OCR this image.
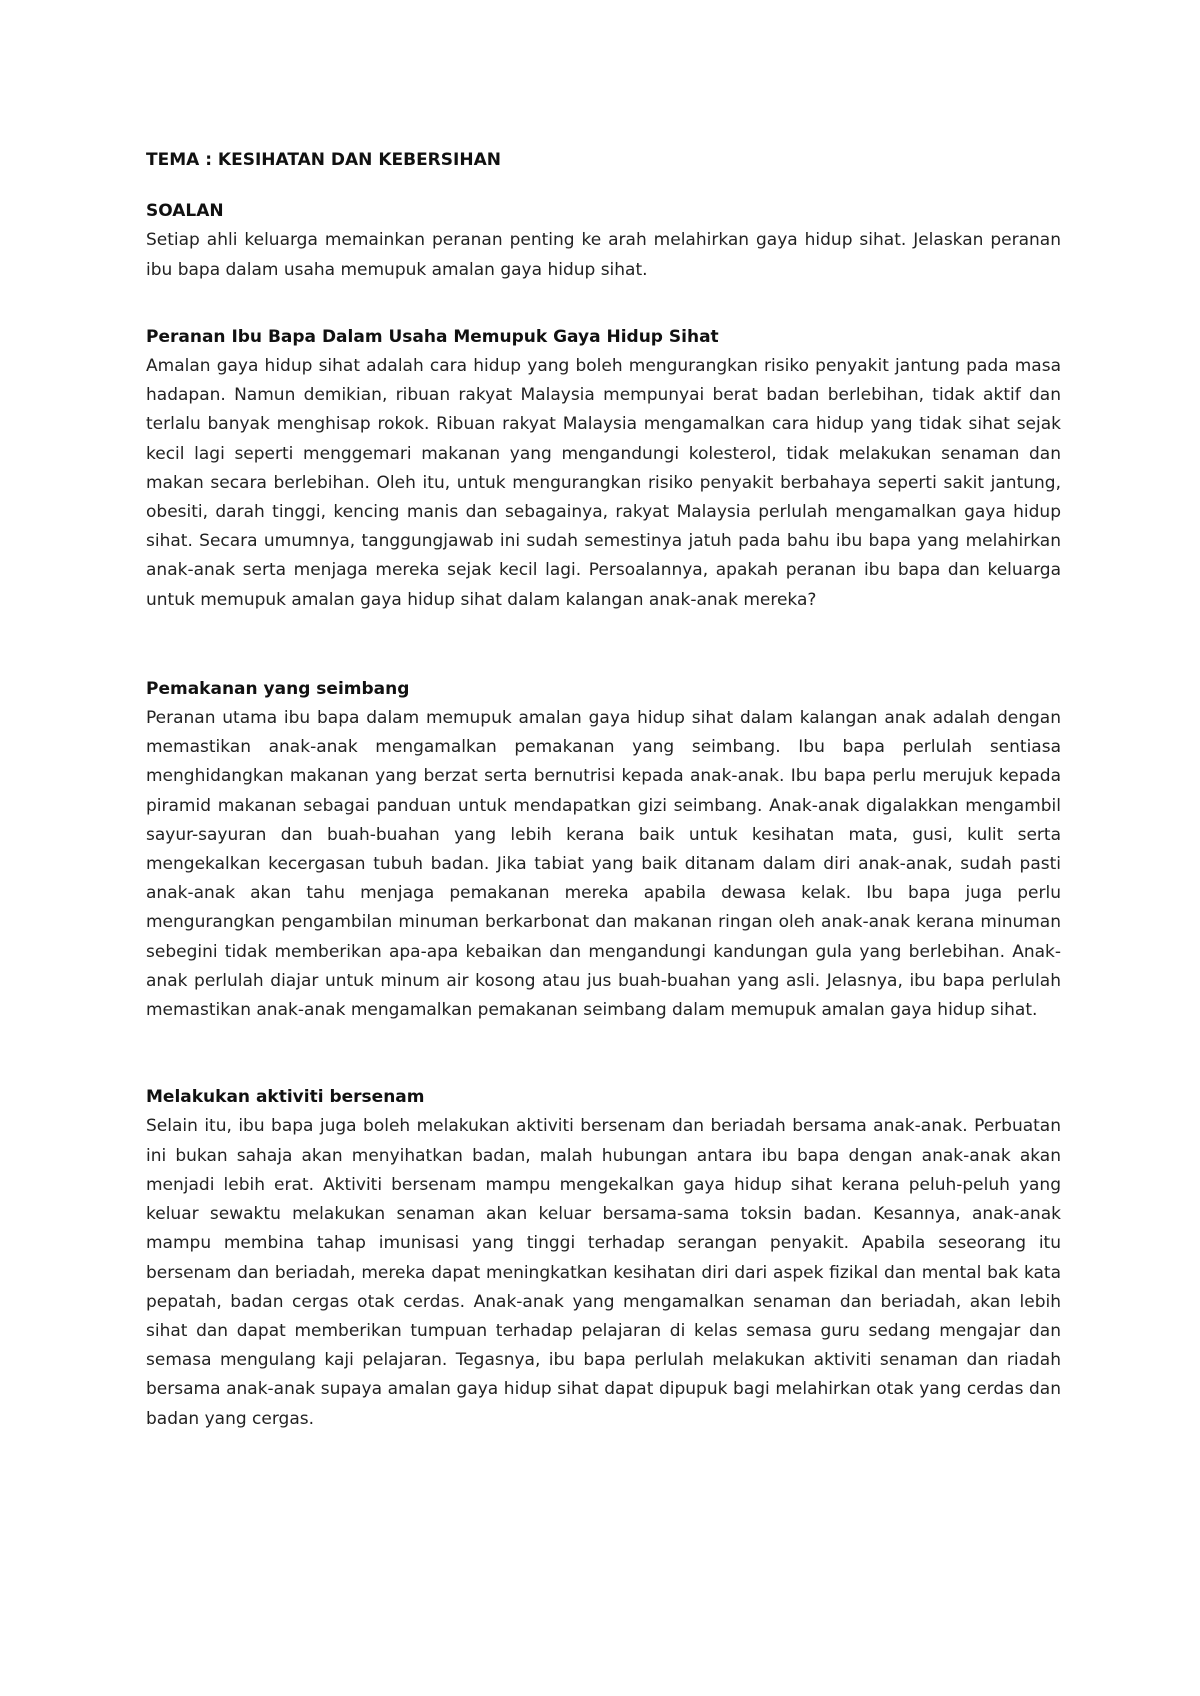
TEMA : KESIHATAN DAN KEBERSIHAN

SOALAN

Setiap ahli keluarga memainkan peranan penting ke arah melahirkan gaya hidup sihat. Jelaskan peranan ibu bapa dalam usaha memupuk amalan gaya hidup sihat.

Peranan Ibu Bapa Dalam Usaha Memupuk Gaya Hidup Sihat

Amalan gaya hidup sihat adalah cara hidup yang boleh mengurangkan risiko penyakit jantung pada masa hadapan. Namun demikian, ribuan rakyat Malaysia mempunyai berat badan berlebihan, tidak aktif dan terlalu banyak menghisap rokok. Ribuan rakyat Malaysia mengamalkan cara hidup yang tidak sihat sejak kecil lagi seperti menggemari makanan yang mengandungi kolesterol, tidak melakukan senaman dan makan secara berlebihan. Oleh itu, untuk mengurangkan risiko penyakit berbahaya seperti sakit jantung, obesiti, darah tinggi, kencing manis dan sebagainya, rakyat Malaysia perlulah mengamalkan gaya hidup sihat. Secara umumnya, tanggungjawab ini sudah semestinya jatuh pada bahu ibu bapa yang melahirkan anak-anak serta menjaga mereka sejak kecil lagi. Persoalannya, apakah peranan ibu bapa dan keluarga untuk memupuk amalan gaya hidup sihat dalam kalangan anak-anak mereka?

Pemakanan yang seimbang

Peranan utama ibu bapa dalam memupuk amalan gaya hidup sihat dalam kalangan anak adalah dengan memastikan anak-anak mengamalkan pemakanan yang seimbang. Ibu bapa perlulah sentiasa menghidangkan makanan yang berzat serta bernutrisi kepada anak-anak. Ibu bapa perlu merujuk kepada piramid makanan sebagai panduan untuk mendapatkan gizi seimbang. Anak-anak digalakkan mengambil sayur-sayuran dan buah-buahan yang lebih kerana baik untuk kesihatan mata, gusi, kulit serta mengekalkan kecergasan tubuh badan. Jika tabiat yang baik ditanam dalam diri anak-anak, sudah pasti anak-anak akan tahu menjaga pemakanan mereka apabila dewasa kelak. Ibu bapa juga perlu mengurangkan pengambilan minuman berkarbonat dan makanan ringan oleh anak-anak kerana minuman sebegini tidak memberikan apa-apa kebaikan dan mengandungi kandungan gula yang berlebihan. Anak-anak perlulah diajar untuk minum air kosong atau jus buah-buahan yang asli. Jelasnya, ibu bapa perlulah memastikan anak-anak mengamalkan pemakanan seimbang dalam memupuk amalan gaya hidup sihat.

Melakukan aktiviti bersenam

Selain itu, ibu bapa juga boleh melakukan aktiviti bersenam dan beriadah bersama anak-anak. Perbuatan ini bukan sahaja akan menyihatkan badan, malah hubungan antara ibu bapa dengan anak-anak akan menjadi lebih erat. Aktiviti bersenam mampu mengekalkan gaya hidup sihat kerana peluh-peluh yang keluar sewaktu melakukan senaman akan keluar bersama-sama toksin badan. Kesannya, anak-anak mampu membina tahap imunisasi yang tinggi terhadap serangan penyakit. Apabila seseorang itu bersenam dan beriadah, mereka dapat meningkatkan kesihatan diri dari aspek fizikal dan mental bak kata pepatah, badan cergas otak cerdas. Anak-anak yang mengamalkan senaman dan beriadah, akan lebih sihat dan dapat memberikan tumpuan terhadap pelajaran di kelas semasa guru sedang mengajar dan semasa mengulang kaji pelajaran. Tegasnya, ibu bapa perlulah melakukan aktiviti senaman dan riadah bersama anak-anak supaya amalan gaya hidup sihat dapat dipupuk bagi melahirkan otak yang cerdas dan badan yang cergas.
